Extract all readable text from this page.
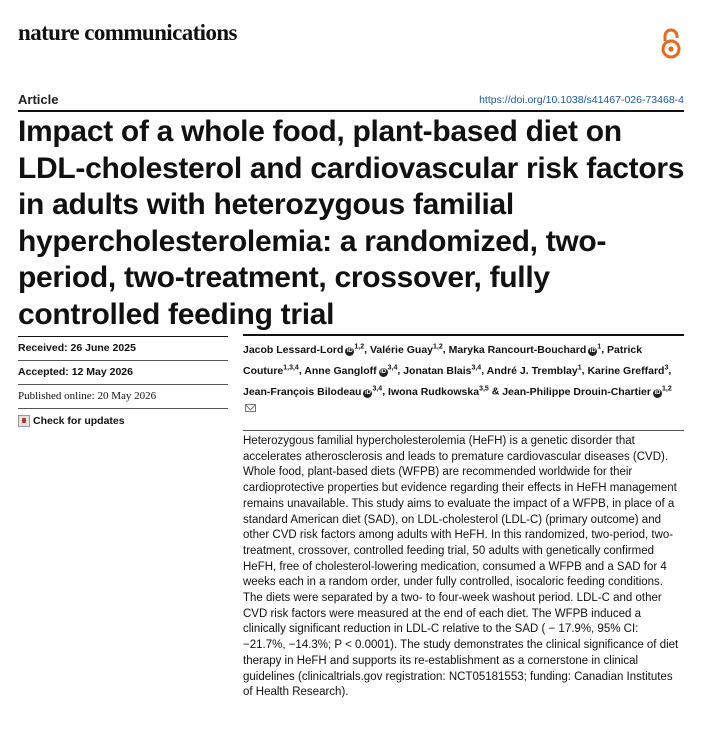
nature communications
Article	https://doi.org/10.1038/s41467-026-73468-4
Impact of a whole food, plant-based diet on LDL-cholesterol and cardiovascular risk factors in adults with heterozygous familial hypercholesterolemia: a randomized, two-period, two-treatment, crossover, fully controlled feeding trial
Received: 26 June 2025
Accepted: 12 May 2026
Published online: 20 May 2026
Check for updates
Jacob Lessard-Lord iD$^{1,2}$, Valérie Guay$^{1,2}$, Maryka Rancourt-Bouchard $iD^1$, Patrick Couture$^{1,3,4}$, Anne Gangloff iD$^{3,4}$, Jonatan Blais$^{3,4}$, André J. Tremblay$^1$, Karine Greffard$^3$, Jean-François Bilodeau iD$^{3,4}$, Iwona Rudkowska$^{3,5}$ & Jean-Philippe Drouin-Chartier iD$^{1,2}$

Heterozygous familial hypercholesterolemia (HeFH) is a genetic disorder that accelerates atherosclerosis and leads to premature cardiovascular diseases (CVD). Whole food, plant-based diets (WFPB) are recommended worldwide for their cardioprotective properties but evidence regarding their effects in HeFH management remains unavailable. This study aims to evaluate the impact of a WFPB, in place of a standard American diet (SAD), on LDL-cholesterol (LDL-C) (primary outcome) and other CVD risk factors among adults with HeFH. In this randomized, two-period, two-treatment, crossover, controlled feeding trial, 50 adults with genetically confirmed HeFH, free of cholesterol-lowering medication, consumed a WFPB and a SAD for 4 weeks each in a random order, under fully controlled, isocaloric feeding conditions. The diets were separated by a two- to four-week washout period. LDL-C and other CVD risk factors were measured at the end of each diet. The WFPB induced a clinically significant reduction in LDL-C relative to the SAD ( − 17.9%, 95% CI: −21.7%, −14.3%; P < 0.0001). The study demonstrates the clinical significance of diet therapy in HeFH and supports its re-establishment as a cornerstone in clinical guidelines (clinicaltrials.gov registration: NCT05181553; funding: Canadian Institutes of Health Research).
